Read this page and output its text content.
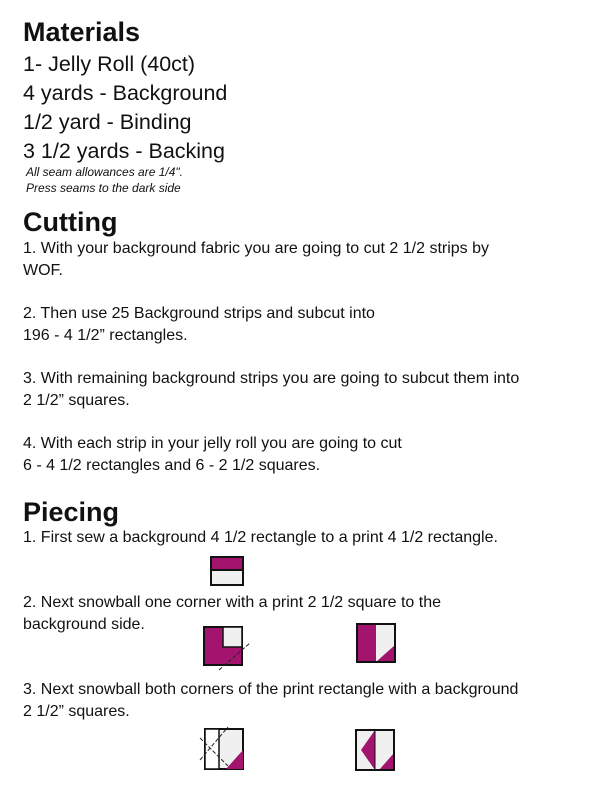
Materials
1- Jelly Roll (40ct)
4 yards - Background
1/2 yard - Binding
3 1/2 yards - Backing
All seam allowances are 1/4".
Press seams to the dark side
Cutting
1. With your background fabric you are going to cut 2 1/2 strips by
WOF.
2. Then use 25 Background strips and subcut into
196 - 4 1/2” rectangles.
3. With remaining background strips you are going to subcut them into
2 1/2” squares.
4. With each strip in your jelly roll you are going to cut
6 - 4 1/2 rectangles and 6 - 2 1/2 squares.
Piecing
1. First sew a background 4 1/2 rectangle to a print 4 1/2 rectangle.
2. Next snowball one corner with a print 2 1/2 square to the
background side.
3. Next snowball both corners of the print rectangle with a background
2 1/2” squares.
